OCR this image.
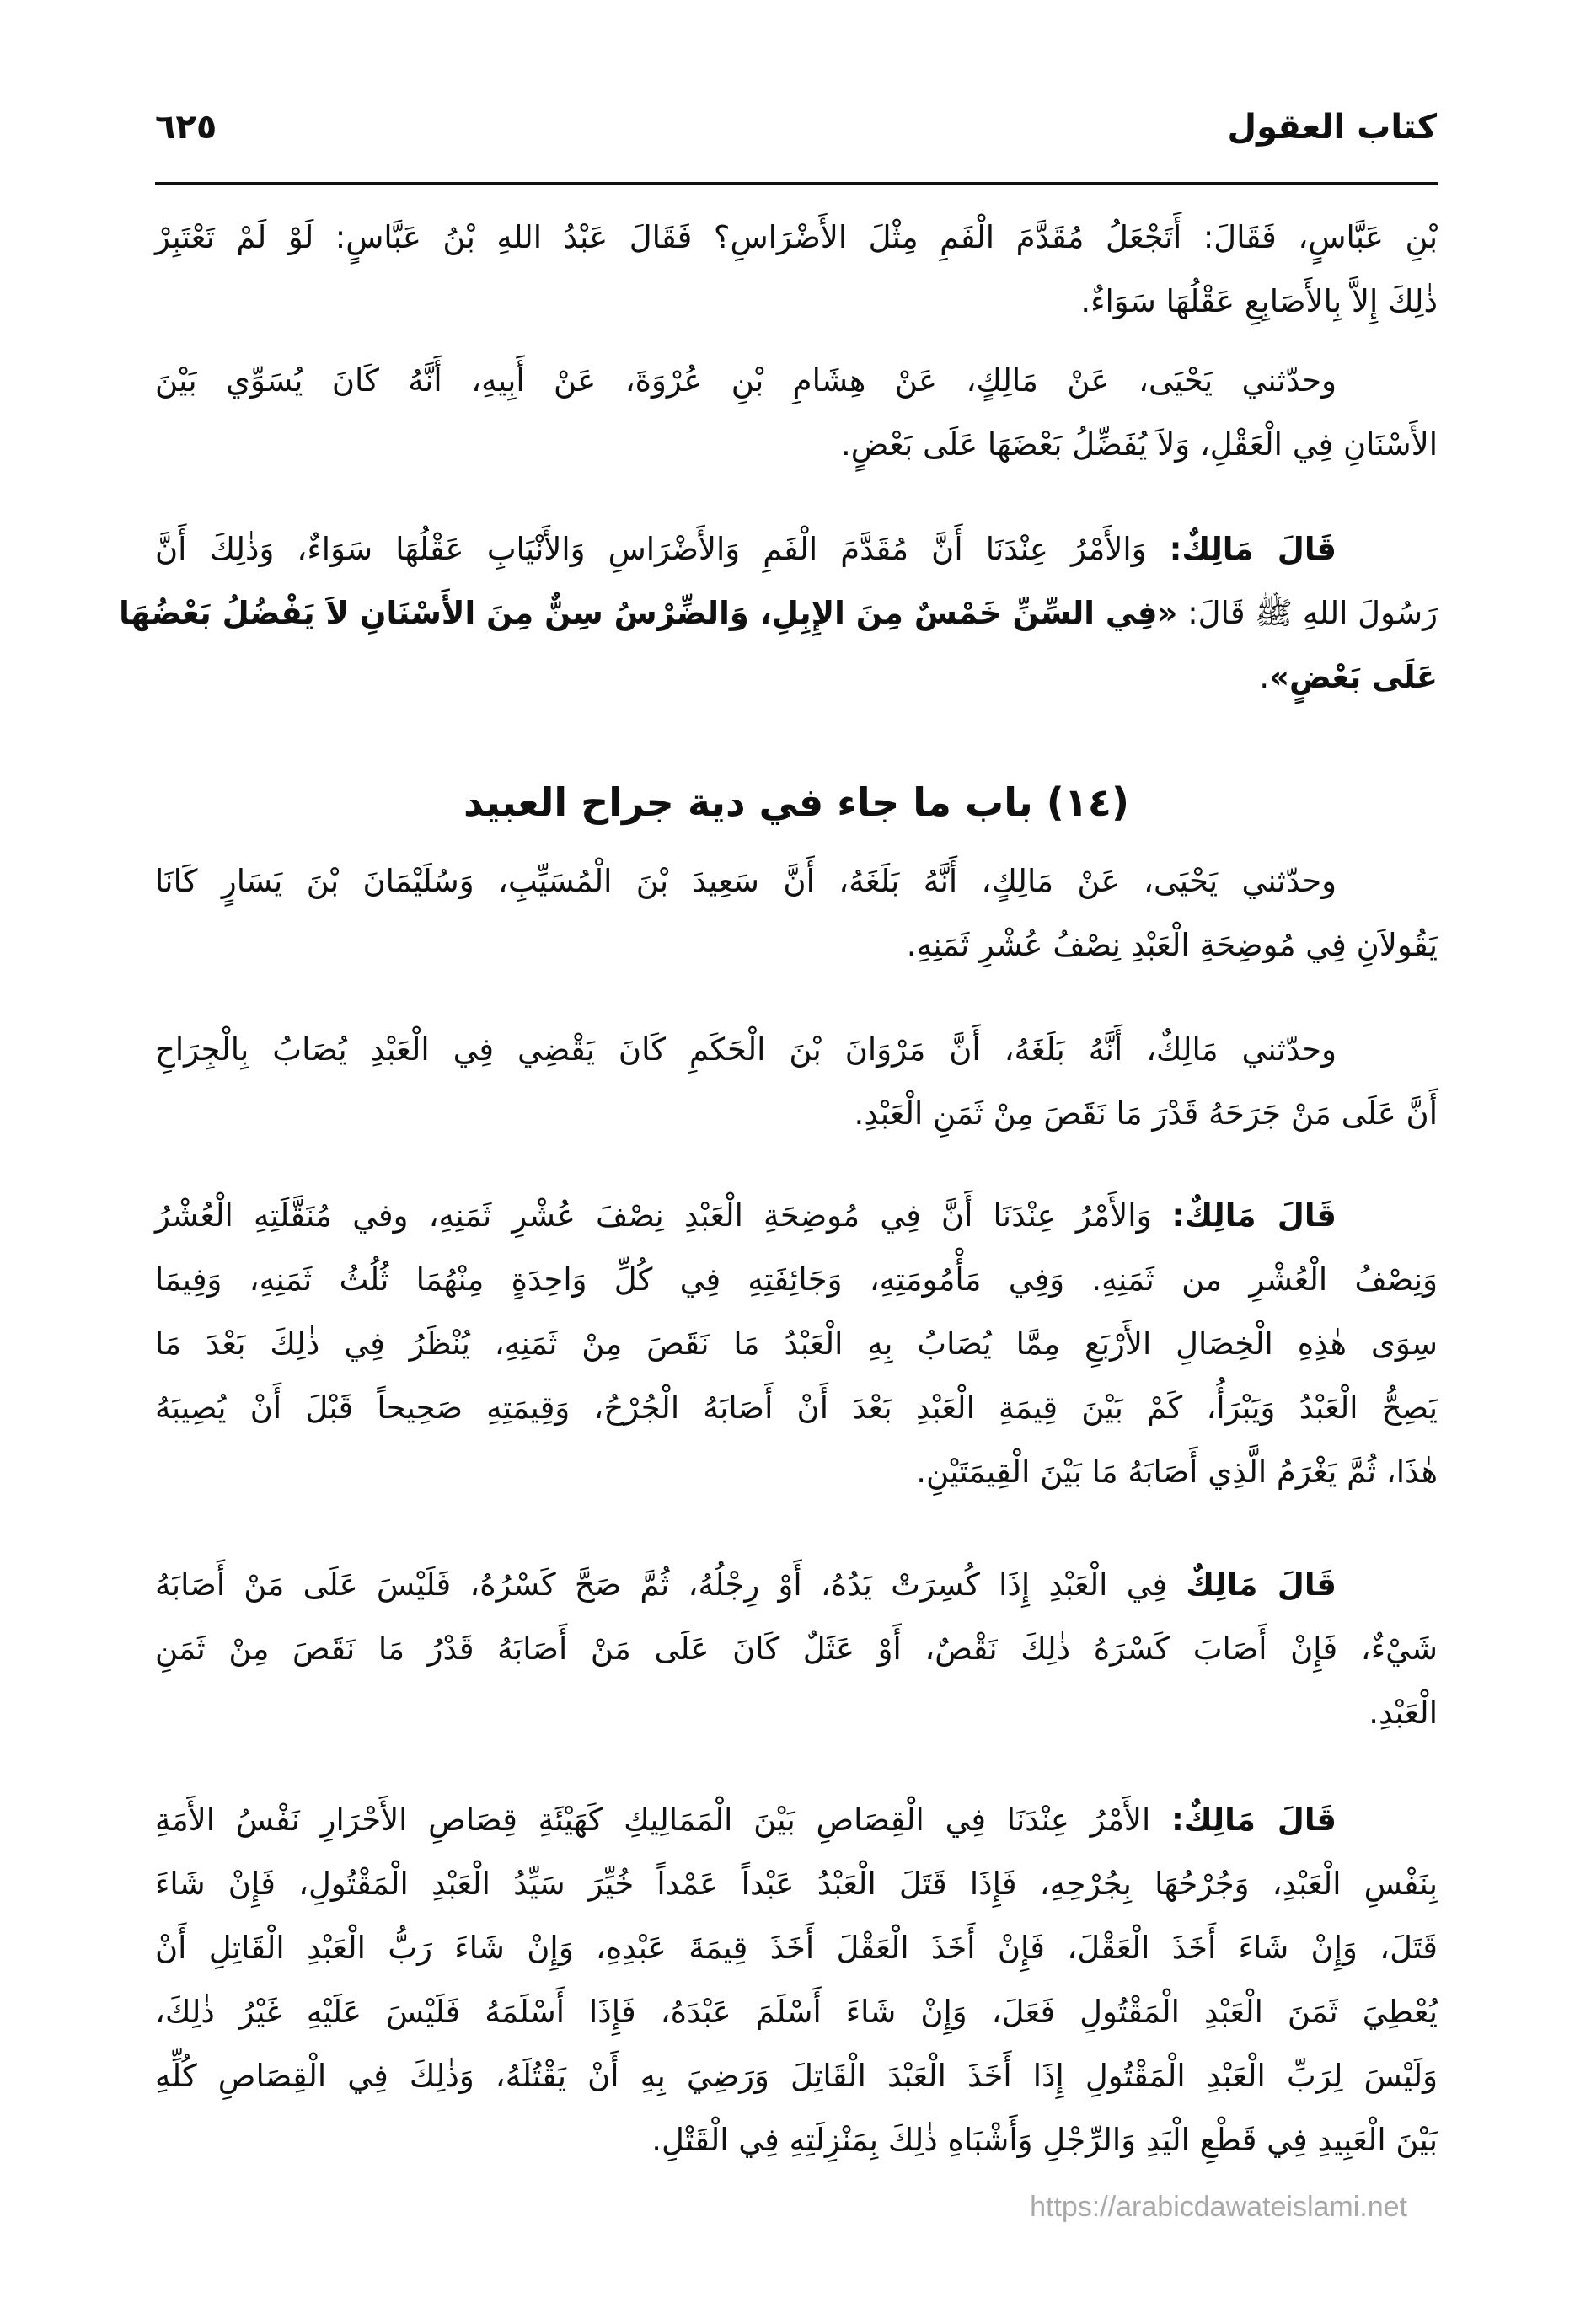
كتاب العقول
٦٢٥
(١٤) باب ما جاء في دية جراح العبيد
بْنِ عَبَّاسٍ، فَقَالَ: أَتَجْعَلُ مُقَدَّمَ الْفَمِ مِثْلَ الأَضْرَاسِ؟ فَقَالَ عَبْدُ اللهِ بْنُ عَبَّاسٍ: لَوْ لَمْ تَعْتَبِرْ
ذٰلِكَ إِلاَّ بِالأَصَابِعِ عَقْلُهَا سَوَاءٌ.
وحدّثني يَحْيَى، عَنْ مَالِكٍ، عَنْ هِشَامِ بْنِ عُرْوَةَ، عَنْ أَبِيهِ، أَنَّهُ كَانَ يُسَوِّي بَيْنَ
الأَسْنَانِ فِي الْعَقْلِ، وَلاَ يُفَضِّلُ بَعْضَهَا عَلَى بَعْضٍ.
قَالَ مَالِكٌ: وَالأَمْرُ عِنْدَنَا أَنَّ مُقَدَّمَ الْفَمِ وَالأَضْرَاسِ وَالأَنْيَابِ عَقْلُهَا سَوَاءٌ، وَذٰلِكَ أَنَّ
رَسُولَ اللهِ ﷺ قَالَ: «فِي السِّنِّ خَمْسٌ مِنَ الإِبِلِ، وَالضِّرْسُ سِنٌّ مِنَ الأَسْنَانِ لاَ يَفْضُلُ بَعْضُهَا
عَلَى بَعْضٍ».
وحدّثني يَحْيَى، عَنْ مَالِكٍ، أَنَّهُ بَلَغَهُ، أَنَّ سَعِيدَ بْنَ الْمُسَيِّبِ، وَسُلَيْمَانَ بْنَ يَسَارٍ كَانَا
يَقُولاَنِ فِي مُوضِحَةِ الْعَبْدِ نِصْفُ عُشْرِ ثَمَنِهِ.
وحدّثني مَالِكٌ، أَنَّهُ بَلَغَهُ، أَنَّ مَرْوَانَ بْنَ الْحَكَمِ كَانَ يَقْضِي فِي الْعَبْدِ يُصَابُ بِالْجِرَاحِ
أَنَّ عَلَى مَنْ جَرَحَهُ قَدْرَ مَا نَقَصَ مِنْ ثَمَنِ الْعَبْدِ.
قَالَ مَالِكٌ: وَالأَمْرُ عِنْدَنَا أَنَّ فِي مُوضِحَةِ الْعَبْدِ نِصْفَ عُشْرِ ثَمَنِهِ، وفي مُنَقَّلَتِهِ الْعُشْرُ
وَنِصْفُ الْعُشْرِ من ثَمَنِهِ. وَفِي مَأْمُومَتِهِ، وَجَائِفَتِهِ فِي كُلِّ وَاحِدَةٍ مِنْهُمَا ثُلُثُ ثَمَنِهِ، وَفِيمَا
سِوَى هٰذِهِ الْخِصَالِ الأَرْبَعِ مِمَّا يُصَابُ بِهِ الْعَبْدُ مَا نَقَصَ مِنْ ثَمَنِهِ، يُنْظَرُ فِي ذٰلِكَ بَعْدَ مَا
يَصِحُّ الْعَبْدُ وَيَبْرَأُ، كَمْ بَيْنَ قِيمَةِ الْعَبْدِ بَعْدَ أَنْ أَصَابَهُ الْجُرْحُ، وَقِيمَتِهِ صَحِيحاً قَبْلَ أَنْ يُصِيبَهُ
هٰذَا، ثُمَّ يَغْرَمُ الَّذِي أَصَابَهُ مَا بَيْنَ الْقِيمَتَيْنِ.
قَالَ مَالِكٌ فِي الْعَبْدِ إِذَا كُسِرَتْ يَدُهُ، أَوْ رِجْلُهُ، ثُمَّ صَحَّ كَسْرُهُ، فَلَيْسَ عَلَى مَنْ أَصَابَهُ
شَيْءٌ، فَإِنْ أَصَابَ كَسْرَهُ ذٰلِكَ نَقْصٌ، أَوْ عَثَلٌ كَانَ عَلَى مَنْ أَصَابَهُ قَدْرُ مَا نَقَصَ مِنْ ثَمَنِ
الْعَبْدِ.
قَالَ مَالِكٌ: الأَمْرُ عِنْدَنَا فِي الْقِصَاصِ بَيْنَ الْمَمَالِيكِ كَهَيْئَةِ قِصَاصِ الأَحْرَارِ نَفْسُ الأَمَةِ
بِنَفْسِ الْعَبْدِ، وَجُرْحُهَا بِجُرْحِهِ، فَإِذَا قَتَلَ الْعَبْدُ عَبْداً عَمْداً خُيِّرَ سَيِّدُ الْعَبْدِ الْمَقْتُولِ، فَإِنْ شَاءَ
قَتَلَ، وَإِنْ شَاءَ أَخَذَ الْعَقْلَ، فَإِنْ أَخَذَ الْعَقْلَ أَخَذَ قِيمَةَ عَبْدِهِ، وَإِنْ شَاءَ رَبُّ الْعَبْدِ الْقَاتِلِ أَنْ
يُعْطِيَ ثَمَنَ الْعَبْدِ الْمَقْتُولِ فَعَلَ، وَإِنْ شَاءَ أَسْلَمَ عَبْدَهُ، فَإِذَا أَسْلَمَهُ فَلَيْسَ عَلَيْهِ غَيْرُ ذٰلِكَ،
وَلَيْسَ لِرَبِّ الْعَبْدِ الْمَقْتُولِ إِذَا أَخَذَ الْعَبْدَ الْقَاتِلَ وَرَضِيَ بِهِ أَنْ يَقْتُلَهُ، وَذٰلِكَ فِي الْقِصَاصِ كُلِّهِ
بَيْنَ الْعَبِيدِ فِي قَطْعِ الْيَدِ وَالرِّجْلِ وَأَشْبَاهِ ذٰلِكَ بِمَنْزِلَتِهِ فِي الْقَتْلِ.
https://arabicdawateislami.net
